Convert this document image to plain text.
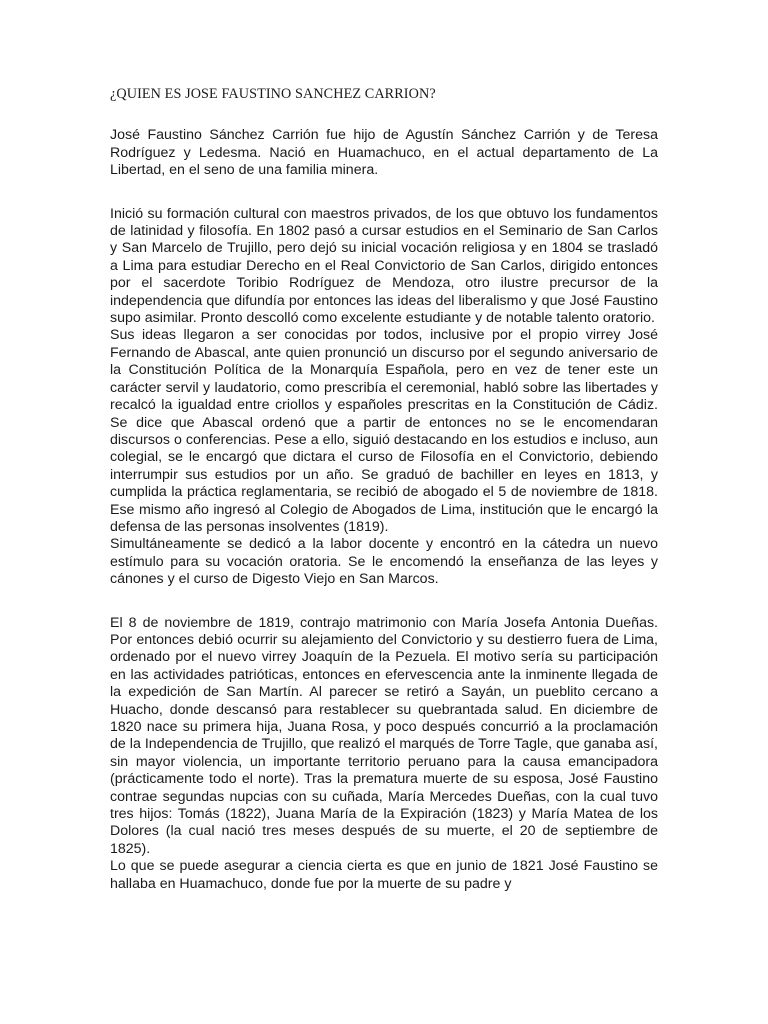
¿QUIEN ES JOSE FAUSTINO SANCHEZ CARRION?

José Faustino Sánchez Carrión fue hijo de Agustín Sánchez Carrión y de Teresa Rodríguez y Ledesma. Nació en Huamachuco, en el actual departamento de La Libertad, en el seno de una familia minera.

Inició su formación cultural con maestros privados, de los que obtuvo los fundamentos de latinidad y filosofía. En 1802 pasó a cursar estudios en el Seminario de San Carlos y San Marcelo de Trujillo, pero dejó su inicial vocación religiosa y en 1804 se trasladó a Lima para estudiar Derecho en el Real Convictorio de San Carlos, dirigido entonces por el sacerdote Toribio Rodríguez de Mendoza, otro ilustre precursor de la independencia que difundía por entonces las ideas del liberalismo y que José Faustino supo asimilar. Pronto descolló como excelente estudiante y de notable talento oratorio.

Sus ideas llegaron a ser conocidas por todos, inclusive por el propio virrey José Fernando de Abascal, ante quien pronunció un discurso por el segundo aniversario de la Constitución Política de la Monarquía Española, pero en vez de tener este un carácter servil y laudatorio, como prescribía el ceremonial, habló sobre las libertades y recalcó la igualdad entre criollos y españoles prescritas en la Constitución de Cádiz. Se dice que Abascal ordenó que a partir de entonces no se le encomendaran discursos o conferencias. Pese a ello, siguió destacando en los estudios e incluso, aun colegial, se le encargó que dictara el curso de Filosofía en el Convictorio, debiendo interrumpir sus estudios por un año. Se graduó de bachiller en leyes en 1813, y cumplida la práctica reglamentaria, se recibió de abogado el 5 de noviembre de 1818. Ese mismo año ingresó al Colegio de Abogados de Lima, institución que le encargó la defensa de las personas insolventes (1819).

Simultáneamente se dedicó a la labor docente y encontró en la cátedra un nuevo estímulo para su vocación oratoria. Se le encomendó la enseñanza de las leyes y cánones y el curso de Digesto Viejo en San Marcos.

El 8 de noviembre de 1819, contrajo matrimonio con María Josefa Antonia Dueñas. Por entonces debió ocurrir su alejamiento del Convictorio y su destierro fuera de Lima, ordenado por el nuevo virrey Joaquín de la Pezuela. El motivo sería su participación en las actividades patrióticas, entonces en efervescencia ante la inminente llegada de la expedición de San Martín. Al parecer se retiró a Sayán, un pueblito cercano a Huacho, donde descansó para restablecer su quebrantada salud. En diciembre de 1820 nace su primera hija, Juana Rosa, y poco después concurrió a la proclamación de la Independencia de Trujillo, que realizó el marqués de Torre Tagle, que ganaba así, sin mayor violencia, un importante territorio peruano para la causa emancipadora (prácticamente todo el norte). Tras la prematura muerte de su esposa, José Faustino contrae segundas nupcias con su cuñada, María Mercedes Dueñas, con la cual tuvo tres hijos: Tomás (1822), Juana María de la Expiración (1823) y María Matea de los Dolores (la cual nació tres meses después de su muerte, el 20 de septiembre de 1825).

Lo que se puede asegurar a ciencia cierta es que en junio de 1821 José Faustino se hallaba en Huamachuco, donde fue por la muerte de su padre y
